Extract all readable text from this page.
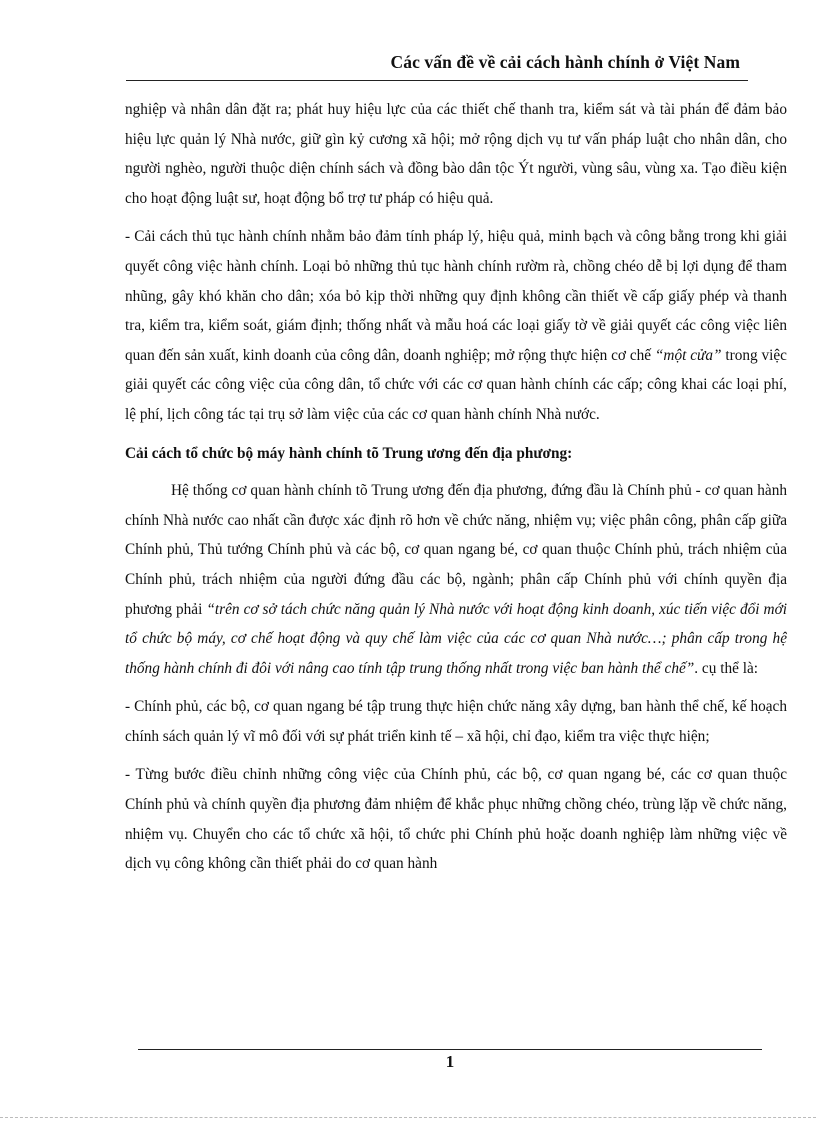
Các vấn đề về cải cách hành chính ở Việt Nam

nghiệp và nhân dân đặt ra; phát huy hiệu lực của các thiết chế thanh tra, kiểm sát và tài phán để đảm bảo hiệu lực quản lý Nhà nước, giữ gìn kỷ cương xã hội; mở rộng dịch vụ tư vấn pháp luật cho nhân dân, cho người nghèo, người thuộc diện chính sách và đồng bào dân tộc Ýt người, vùng sâu, vùng xa. Tạo điều kiện cho hoạt động luật sư, hoạt động bổ trợ tư pháp có hiệu quả.

- Cải cách thủ tục hành chính nhằm bảo đảm tính pháp lý, hiệu quả, minh bạch và công bằng trong khi giải quyết công việc hành chính. Loại bỏ những thủ tục hành chính rườm rà, chồng chéo dễ bị lợi dụng để tham nhũng, gây khó khăn cho dân; xóa bỏ kịp thời những quy định không cần thiết về cấp giấy phép và thanh tra, kiểm tra, kiểm soát, giám định; thống nhất và mẫu hoá các loại giấy tờ về giải quyết các công việc liên quan đến sản xuất, kinh doanh của công dân, doanh nghiệp; mở rộng thực hiện cơ chế “một cửa” trong việc giải quyết các công việc của công dân, tổ chức với các cơ quan hành chính các cấp; công khai các loại phí, lệ phí, lịch công tác tại trụ sở làm việc của các cơ quan hành chính Nhà nước.

Cải cách tổ chức bộ máy hành chính tõ Trung ương đến địa phương:

Hệ thống cơ quan hành chính tõ Trung ương đến địa phương, đứng đầu là Chính phủ - cơ quan hành chính Nhà nước cao nhất cần được xác định rõ hơn về chức năng, nhiệm vụ; việc phân công, phân cấp giữa Chính phủ, Thủ tướng Chính phủ và các bộ, cơ quan ngang bé, cơ quan thuộc Chính phủ, trách nhiệm của Chính phủ, trách nhiệm của người đứng đầu các bộ, ngành; phân cấp Chính phủ với chính quyền địa phương phải “trên cơ sở tách chức năng quản lý Nhà nước với hoạt động kinh doanh, xúc tiến việc đổi mới tổ chức bộ máy, cơ chế hoạt động và quy chế làm việc của các cơ quan Nhà nước…; phân cấp trong hệ thống hành chính đi đôi với nâng cao tính tập trung thống nhất trong việc ban hành thể chế”. cụ thể là:

- Chính phủ, các bộ, cơ quan ngang bé tập trung thực hiện chức năng xây dựng, ban hành thể chế, kế hoạch chính sách quản lý vĩ mô đối với sự phát triển kinh tế – xã hội, chỉ đạo, kiểm tra việc thực hiện;

- Từng bước điều chỉnh những công việc của Chính phủ, các bộ, cơ quan ngang bé, các cơ quan thuộc Chính phủ và chính quyền địa phương đảm nhiệm để khắc phục những chồng chéo, trùng lặp về chức năng, nhiệm vụ. Chuyển cho các tổ chức xã hội, tổ chức phi Chính phủ hoặc doanh nghiệp làm những việc về dịch vụ công không cần thiết phải do cơ quan hành

1
